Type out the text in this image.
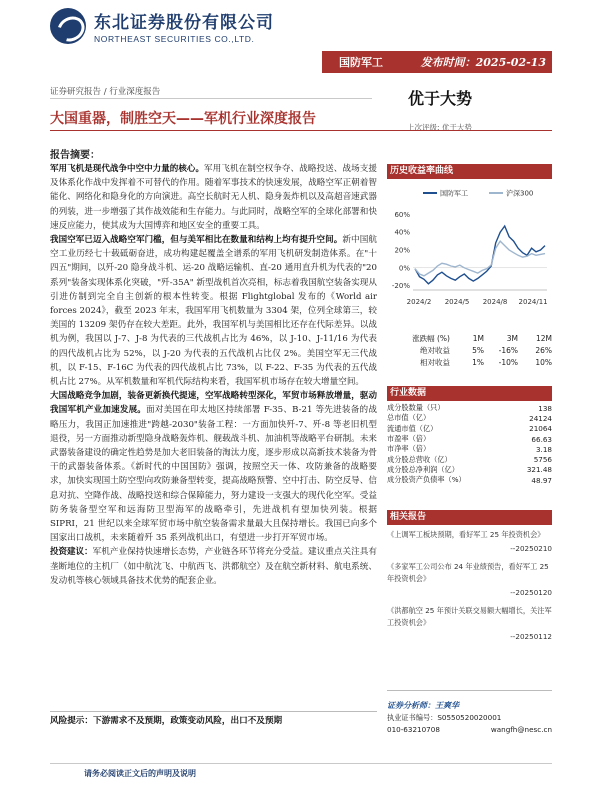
东北证券股份有限公司
NORTHEAST SECURITIES CO.,LTD.
国防军工	发布时间：2025-02-13
证券研究报告 / 行业深度报告	优于大势
上次评级: 优于大势
大国重器，制胜空天——军机行业深度报告
报告摘要：

军用飞机是现代战争中空中力量的核心。军用飞机在制空权争夺、战略投送、战场支援及体系化作战中发挥着不可替代的作用。随着军事技术的快速发展，战略空军正朝着智能化、网络化和隐身化的方向演进。高空长航时无人机、隐身轰炸机以及高超音速武器的列装，进一步增强了其作战效能和生存能力。与此同时，战略空军的全球化部署和快速反应能力，使其成为大国博弈和地区安全的重要工具。

我国空军已迈入战略空军门槛，但与美军相比在数量和结构上均有提升空间。新中国航空工业历经七十载砥砺奋进，成功构建起覆盖全谱系的军用飞机研发制造体系。在"十四五"期间，以歼-20 隐身战斗机、运-20 战略运输机、直-20 通用直升机为代表的"20 系列"装备实现体系化突破，"歼-35A" 新型战机首次亮相，标志着我国航空装备实现从引进仿制到完全自主创新的根本性转变。根据 Flightglobal 发布的《World air forces 2024》，截至 2023 年末，我国军用飞机数量为 3304 架，位列全球第三，较美国的 13209 架仍存在较大差距。此外，我国军机与美国相比还存在代际差异。以战机为例，我国以 J-7、J-8 为代表的三代战机占比为 46%，以 J-10、J-11/16 为代表的四代战机占比为 52%，以 J-20 为代表的五代战机占比仅 2%。美国空军无三代战机，以 F-15、F-16C 为代表的四代战机占比 73%，以 F-22、F-35 为代表的五代战机占比 27%。从军机数量和军机代际结构来看，我国军机市场存在较大增量空间。

大国战略竞争加剧，装备更新换代提速，空军战略转型深化，军贸市场释放增量，驱动我国军机产业加速发展。面对美国在印太地区持续部署 F-35、B-21 等先进装备的战略压力，我国正加速推进"跨越-2030"装备工程：一方面加快歼-7、歼-8 等老旧机型退役，另一方面推动新型隐身战略轰炸机、舰载战斗机、加油机等战略平台研制。未来武器装备建设的确定性趋势是加大老旧装备的淘汰力度，逐步形成以高新技术装备为骨干的武器装备体系。《新时代的中国国防》强调，按照空天一体、攻防兼备的战略要求，加快实现国土防空型向攻防兼备型转变，提高战略预警、空中打击、防空反导、信息对抗、空降作战、战略投送和综合保障能力，努力建设一支强大的现代化空军。受益防务装备型空军和远海防卫型海军的战略牵引，先进战机有望加快列装。根据 SIPRI，21 世纪以来全球军贸市场中航空装备需求量最大且保持增长。我国已向多个国家出口战机，未来随着歼 35 系列战机出口，有望进一步打开军贸市场。

投资建议：军机产业保持快速增长态势，产业链各环节将充分受益。建议重点关注具有垄断地位的主机厂（如中航沈飞、中航西飞、洪都航空）及在航空新材料、航电系统、发动机等核心领域具备技术优势的配套企业。

风险提示：下游需求不及预期，政策变动风险，出口不及预期
历史收益率曲线
60%
40%
20%
0%
-20%
2024/2 2024/5 2024/8 2024/11
国防军工	沪深300
涨跌幅 (%)	1M	3M	12M
绝对收益	5%	-16%	26%
相对收益	1%	-10%	10%
行业数据
成分股数量（只）	138
总市值（亿）	24124
流通市值（亿）	21064
市盈率（倍）	66.63
市净率（倍）	3.18
成分股总营收（亿）	5756
成分股总净利润（亿）	321.48
成分股资产负债率（%）	48.97
相关报告
《上调军工板块预期，看好军工 25 年投资机会》
--20250210
《多家军工公司公布 24 年业绩预告，看好军工 25 年投资机会》
--20250120
《洪都航空 25 年预计关联交易额大幅增长，关注军工投资机会》
--20250112
证券分析师：王爽华
执业证书编号：S0550520020001
010-63210708	wangfh@nesc.cn
请务必阅读正文后的声明及说明
